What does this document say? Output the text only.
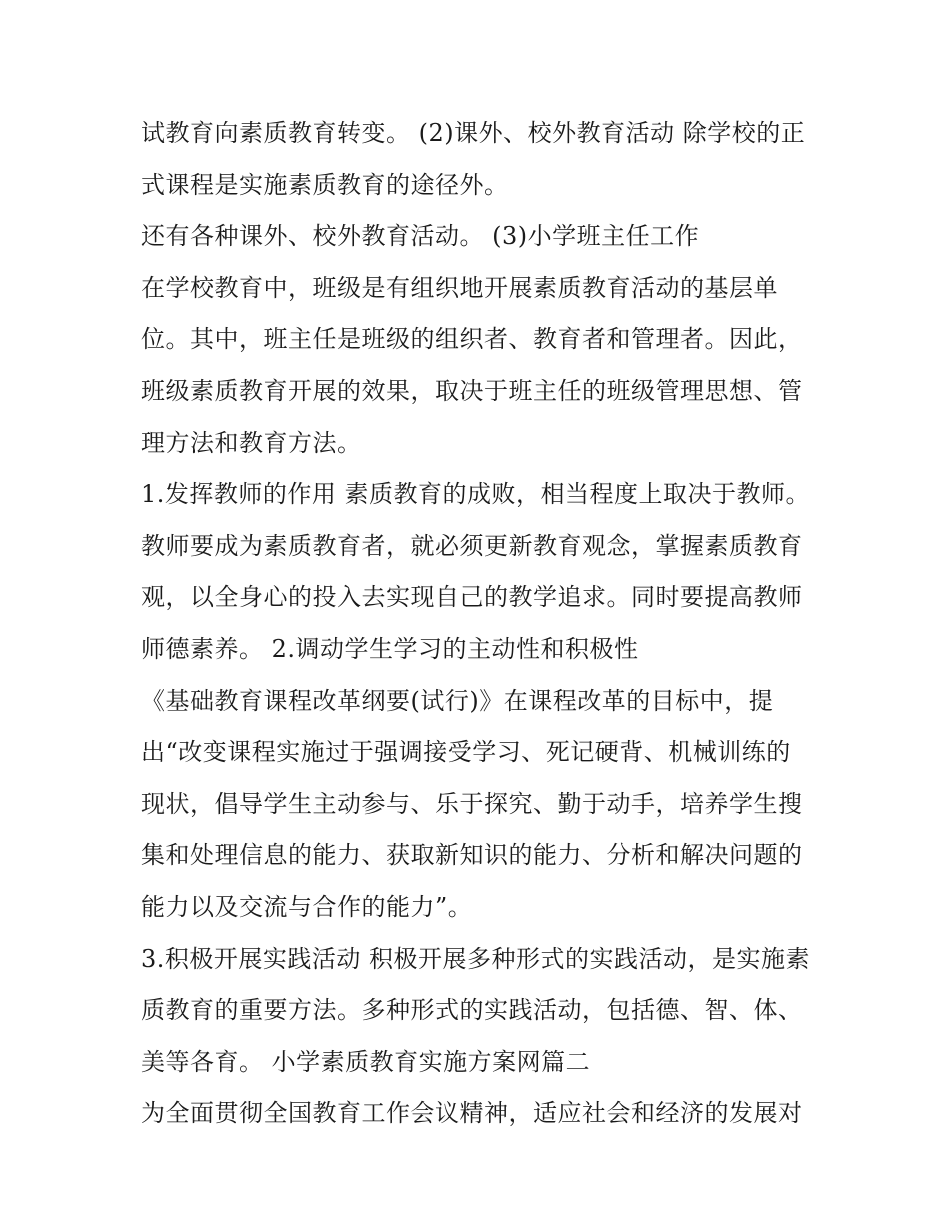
试教育向素质教育转变。 (2)课外、校外教育活动 除学校的正
式课程是实施素质教育的途径外。
还有各种课外、校外教育活动。 (3)小学班主任工作
在学校教育中，班级是有组织地开展素质教育活动的基层单
位。其中，班主任是班级的组织者、教育者和管理者。因此，
班级素质教育开展的效果，取决于班主任的班级管理思想、管
理方法和教育方法。
1.发挥教师的作用 素质教育的成败，相当程度上取决于教师。
教师要成为素质教育者，就必须更新教育观念，掌握素质教育
观，以全身心的投入去实现自己的教学追求。同时要提高教师
师德素养。 2.调动学生学习的主动性和积极性
《基础教育课程改革纲要(试行)》在课程改革的目标中，提
出“改变课程实施过于强调接受学习、死记硬背、机械训练的
现状，倡导学生主动参与、乐于探究、勤于动手，培养学生搜
集和处理信息的能力、获取新知识的能力、分析和解决问题的
能力以及交流与合作的能力”。
3.积极开展实践活动 积极开展多种形式的实践活动，是实施素
质教育的重要方法。多种形式的实践活动，包括德、智、体、
美等各育。 小学素质教育实施方案网篇二
为全面贯彻全国教育工作会议精神，适应社会和经济的发展对
